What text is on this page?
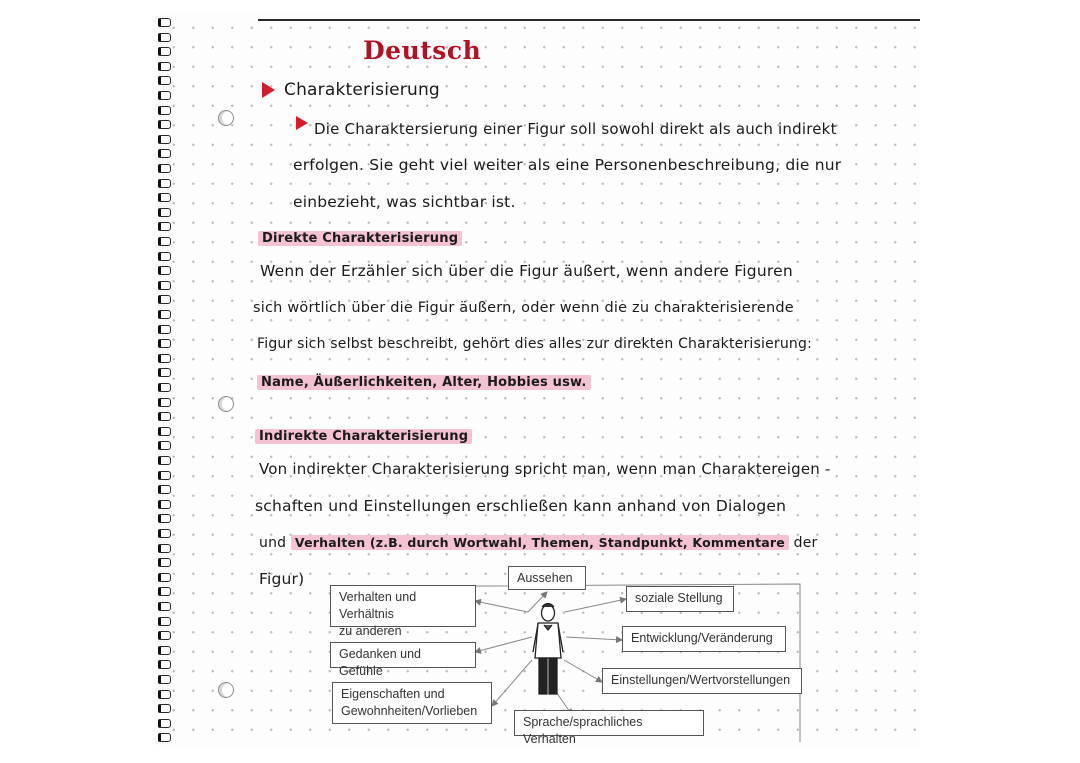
Deutsch
Charakterisierung
Die Charaktersierung einer Figur soll sowohl direkt als auch indirekt
erfolgen. Sie geht viel weiter als eine Personenbeschreibung, die nur
einbezieht, was sichtbar ist.
Direkte Charakterisierung
Wenn der Erzähler sich über die Figur äußert, wenn andere Figuren
sich wörtlich über die Figur äußern, oder wenn die zu charakterisierende
Figur sich selbst beschreibt, gehört dies alles zur direkten Charakterisierung:
Name, Äußerlichkeiten, Alter, Hobbies usw.
Indirekte Charakterisierung
Von indirekter Charakterisierung spricht man, wenn man Charaktereigen -
schaften und Einstellungen erschließen kann anhand von Dialogen
und Verhalten (z.B. durch Wortwahl, Themen, Standpunkt, Kommentare der
Figur)	Aussehen
Verhalten und Verhältnis
zu anderen
Gedanken und Gefühle
Eigenschaften und
Gewohnheiten/Vorlieben
Sprache/sprachliches Verhalten
soziale Stellung
Entwicklung/Veränderung
Einstellungen/Wertvorstellungen
